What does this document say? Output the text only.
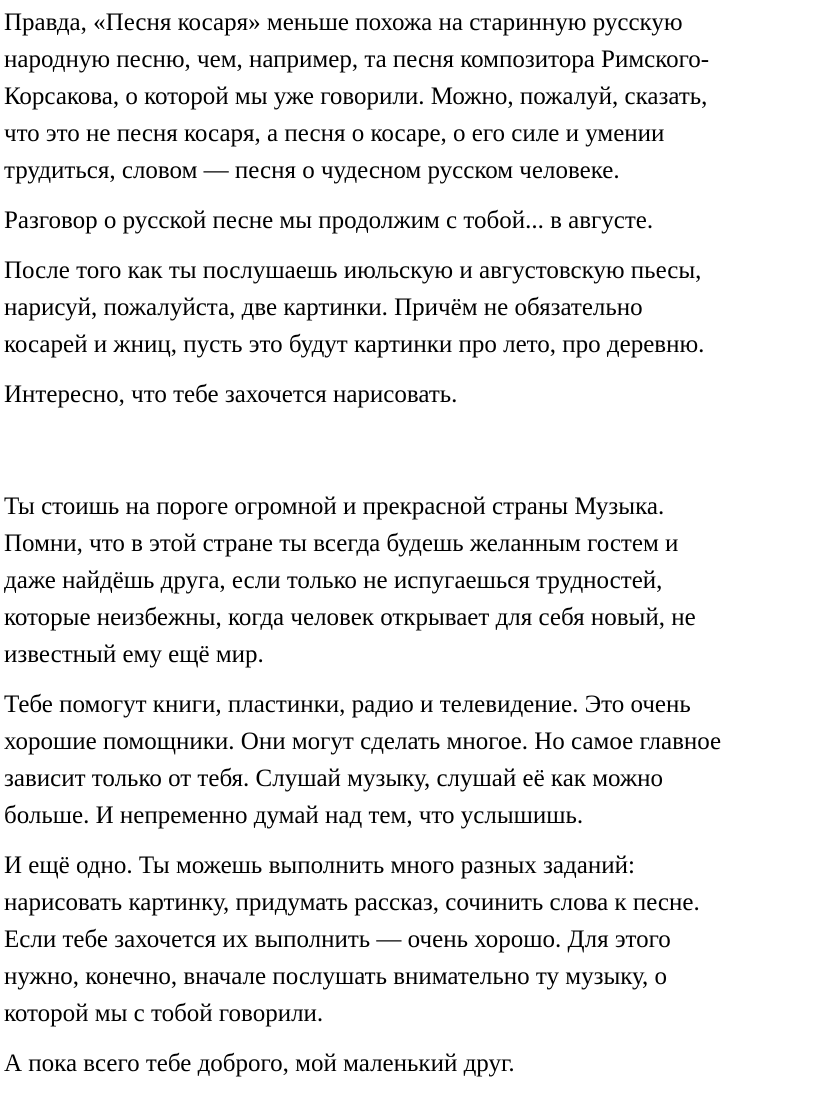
Правда, «Песня косаря» меньше похожа на старинную русскую
народную песню, чем, например, та песня композитора Римского-
Корсакова, о которой мы уже говорили. Можно, пожалуй, сказать,
что это не песня косаря, а песня о косаре, о его силе и умении
трудиться, словом — песня о чудесном русском человеке.

Разговор о русской песне мы продолжим с тобой... в августе.

После того как ты послушаешь июльскую и августовскую пьесы,
нарисуй, пожалуйста, две картинки. Причём не обязательно
косарей и жниц, пусть это будут картинки про лето, про деревню.

Интересно, что тебе захочется нарисовать.

Ты стоишь на пороге огромной и прекрасной страны Музыка.
Помни, что в этой стране ты всегда будешь желанным гостем и
даже найдёшь друга, если только не испугаешься трудностей,
которые неизбежны, когда человек открывает для себя новый, не
известный ему ещё мир.

Тебе помогут книги, пластинки, радио и телевидение. Это очень
хорошие помощники. Они могут сделать многое. Но самое главное
зависит только от тебя. Слушай музыку, слушай её как можно
больше. И непременно думай над тем, что услышишь.

И ещё одно. Ты можешь выполнить много разных заданий:
нарисовать картинку, придумать рассказ, сочинить слова к песне.
Если тебе захочется их выполнить — очень хорошо. Для этого
нужно, конечно, вначале послушать внимательно ту музыку, о
которой мы с тобой говорили.

А пока всего тебе доброго, мой маленький друг.
